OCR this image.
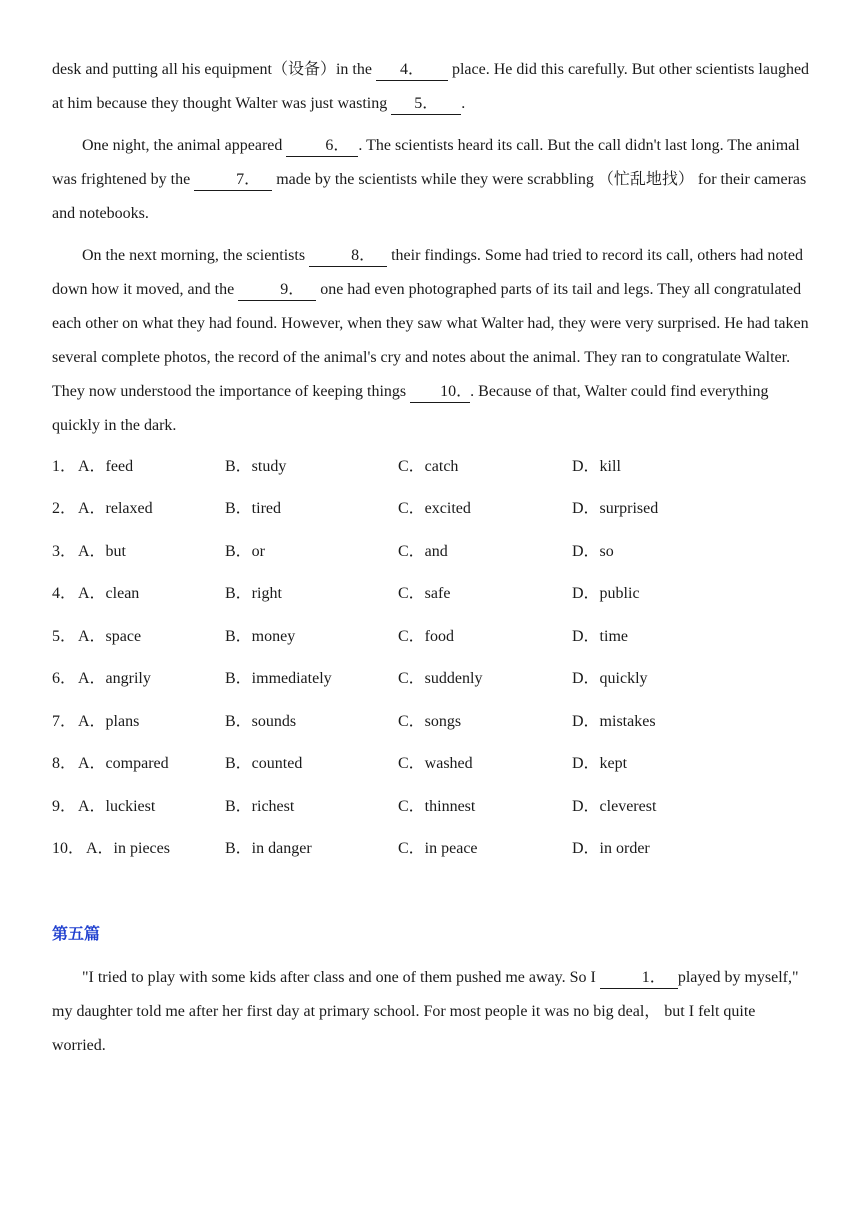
desk and putting all his equipment（设备）in the 4． place. He did this carefully. But other scientists laughed at him because they thought Walter was just wasting 5． .

One night, the animal appeared 6． . The scientists heard its call. But the call didn't last long. The animal was frightened by the	7． made by the scientists while they were scrabbling （忙乱地找） for their cameras and notebooks.

On the next morning, the scientists	8． their findings. Some had tried to record its call, others had noted down how it moved, and the	9． one had even photographed parts of its tail and legs. They all congratulated each other on what they had found. However, when they saw what Walter had, they were very surprised. He had taken several complete photos, the record of the animal's cry and notes about the animal. They ran to congratulate Walter. They now understood the importance of keeping things 10．. Because of that, Walter could find everything quickly in the dark.

1． A．feed	B．study	C．catch	D．kill
2． A．relaxed	B．tired	C．excited	D．surprised
3． A．but	B．or	C．and	D．so
4． A．clean	B．right	C．safe	D．public
5． A．space	B．money	C．food	D．time
6． A．angrily	B．immediately	C．suddenly	D．quickly
7． A．plans	B．sounds	C．songs	D．mistakes
8． A．compared	B．counted	C．washed	D．kept
9． A．luckiest	B．richest	C．thinnest	D．cleverest
10． A．in pieces	B．in danger	C．in peace	D．in order
第五篇

"I tried to play with some kids after class and one of them pushed me away. So I	1． played by myself," my daughter told me after her first day at primary school. For most people it was no big deal， but I felt quite worried.
